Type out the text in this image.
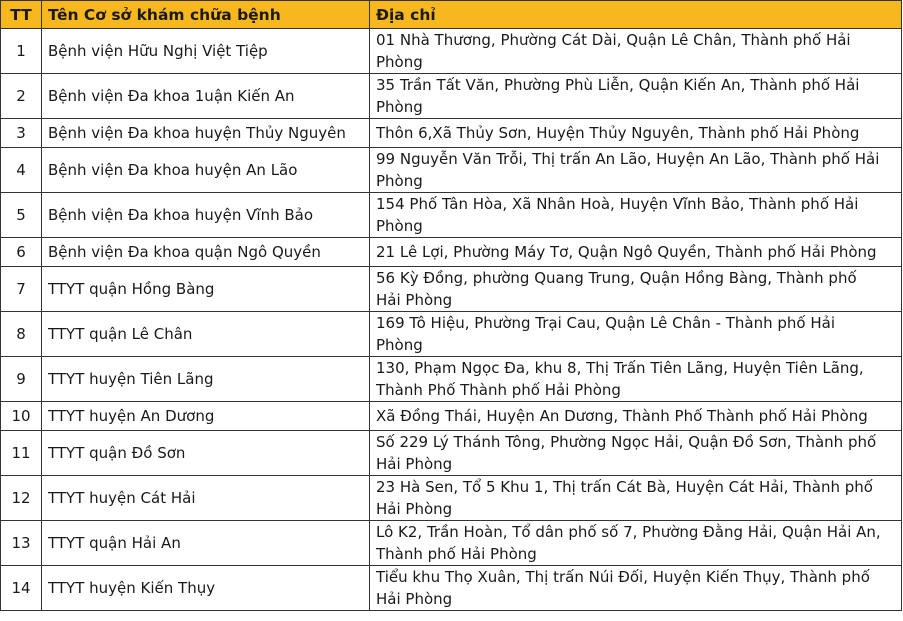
TT	Tên Cơ sở khám chữa bệnh	Địa chỉ
1	Bệnh viện Hữu Nghị Việt Tiệp	01 Nhà Thương, Phường Cát Dài, Quận Lê Chân, Thành phố Hải
Phòng
2	Bệnh viện Đa khoa 1uận Kiến An	35 Trần Tất Văn, Phường Phù Liễn, Quận Kiến An, Thành phố Hải
Phòng
3	Bệnh viện Đa khoa huyện Thủy Nguyên	Thôn 6,Xã Thủy Sơn, Huyện Thủy Nguyên, Thành phố Hải Phòng
4	Bệnh viện Đa khoa huyện An Lão	99 Nguyễn Văn Trỗi, Thị trấn An Lão, Huyện An Lão, Thành phố Hải
Phòng
5	Bệnh viện Đa khoa huyện Vĩnh Bảo	154 Phố Tân Hòa, Xã Nhân Hoà, Huyện Vĩnh Bảo, Thành phố Hải
Phòng
6	Bệnh viện Đa khoa quận Ngô Quyền	21 Lê Lợi, Phường Máy Tơ, Quận Ngô Quyền, Thành phố Hải Phòng
7	TTYT quận Hồng Bàng	56 Kỳ Đồng, phường Quang Trung, Quận Hồng Bàng, Thành phố
Hải Phòng
8	TTYT quận Lê Chân	169 Tô Hiệu, Phường Trại Cau, Quận Lê Chân - Thành phố Hải
Phòng
9	TTYT huyện Tiên Lãng	130, Phạm Ngọc Đa, khu 8, Thị Trấn Tiên Lãng, Huyện Tiên Lãng,
Thành Phố Thành phố Hải Phòng
10	TTYT huyện An Dương	Xã Đồng Thái, Huyện An Dương, Thành Phố Thành phố Hải Phòng
11	TTYT quận Đồ Sơn	Số 229 Lý Thánh Tông, Phường Ngọc Hải, Quận Đồ Sơn, Thành phố
Hải Phòng
12	TTYT huyện Cát Hải	23 Hà Sen, Tổ 5 Khu 1, Thị trấn Cát Bà, Huyện Cát Hải, Thành phố
Hải Phòng
13	TTYT quận Hải An	Lô K2, Trần Hoàn, Tổ dân phố số 7, Phường Đằng Hải, Quận Hải An,
Thành phố Hải Phòng
14	TTYT huyện Kiến Thụy	Tiểu khu Thọ Xuân, Thị trấn Núi Đối, Huyện Kiến Thụy, Thành phố
Hải Phòng
